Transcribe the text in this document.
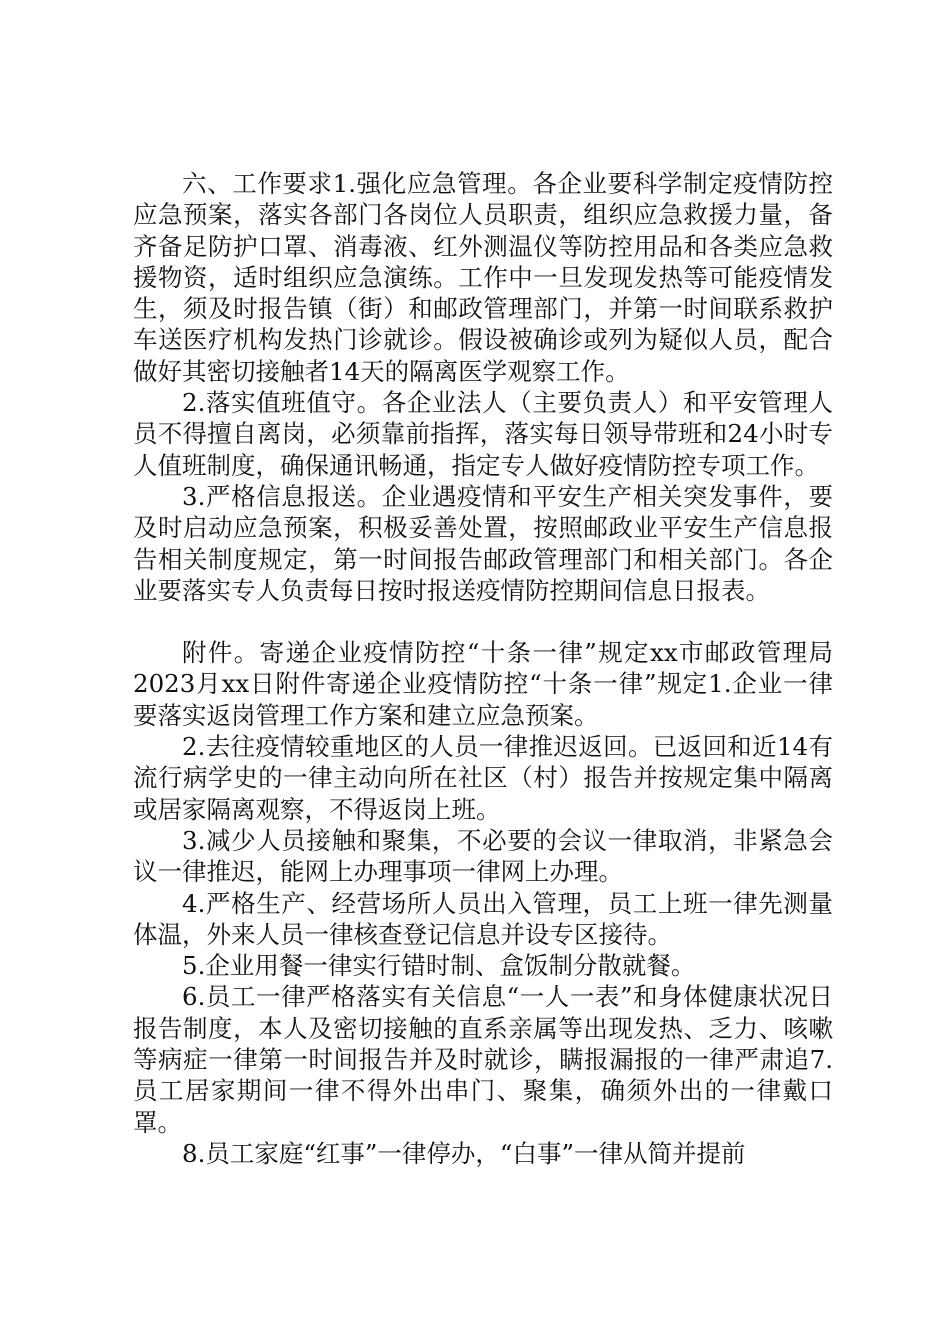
六、工作要求1.强化应急管理。各企业要科学制定疫情防控应急预案，落实各部门各岗位人员职责，组织应急救援力量，备齐备足防护口罩、消毒液、红外测温仪等防控用品和各类应急救援物资，适时组织应急演练。工作中一旦发现发热等可能疫情发生，须及时报告镇（街）和邮政管理部门，并第一时间联系救护车送医疗机构发热门诊就诊。假设被确诊或列为疑似人员，配合做好其密切接触者14天的隔离医学观察工作。

2.落实值班值守。各企业法人（主要负责人）和平安管理人员不得擅自离岗，必须靠前指挥，落实每日领导带班和24小时专人值班制度，确保通讯畅通，指定专人做好疫情防控专项工作。

3.严格信息报送。企业遇疫情和平安生产相关突发事件，要及时启动应急预案，积极妥善处置，按照邮政业平安生产信息报告相关制度规定，第一时间报告邮政管理部门和相关部门。各企业要落实专人负责每日按时报送疫情防控期间信息日报表。

附件。寄递企业疫情防控“十条一律”规定xx市邮政管理局2023月xx日附件寄递企业疫情防控“十条一律”规定1.企业一律要落实返岗管理工作方案和建立应急预案。

2.去往疫情较重地区的人员一律推迟返回。已返回和近14有流行病学史的一律主动向所在社区（村）报告并按规定集中隔离或居家隔离观察，不得返岗上班。

3.减少人员接触和聚集，不必要的会议一律取消，非紧急会议一律推迟，能网上办理事项一律网上办理。

4.严格生产、经营场所人员出入管理，员工上班一律先测量体温，外来人员一律核查登记信息并设专区接待。

5.企业用餐一律实行错时制、盒饭制分散就餐。

6.员工一律严格落实有关信息“一人一表”和身体健康状况日报告制度，本人及密切接触的直系亲属等出现发热、乏力、咳嗽等病症一律第一时间报告并及时就诊，瞒报漏报的一律严肃追7.员工居家期间一律不得外出串门、聚集，确须外出的一律戴口罩。

8.员工家庭“红事”一律停办，“白事”一律从简并提前
